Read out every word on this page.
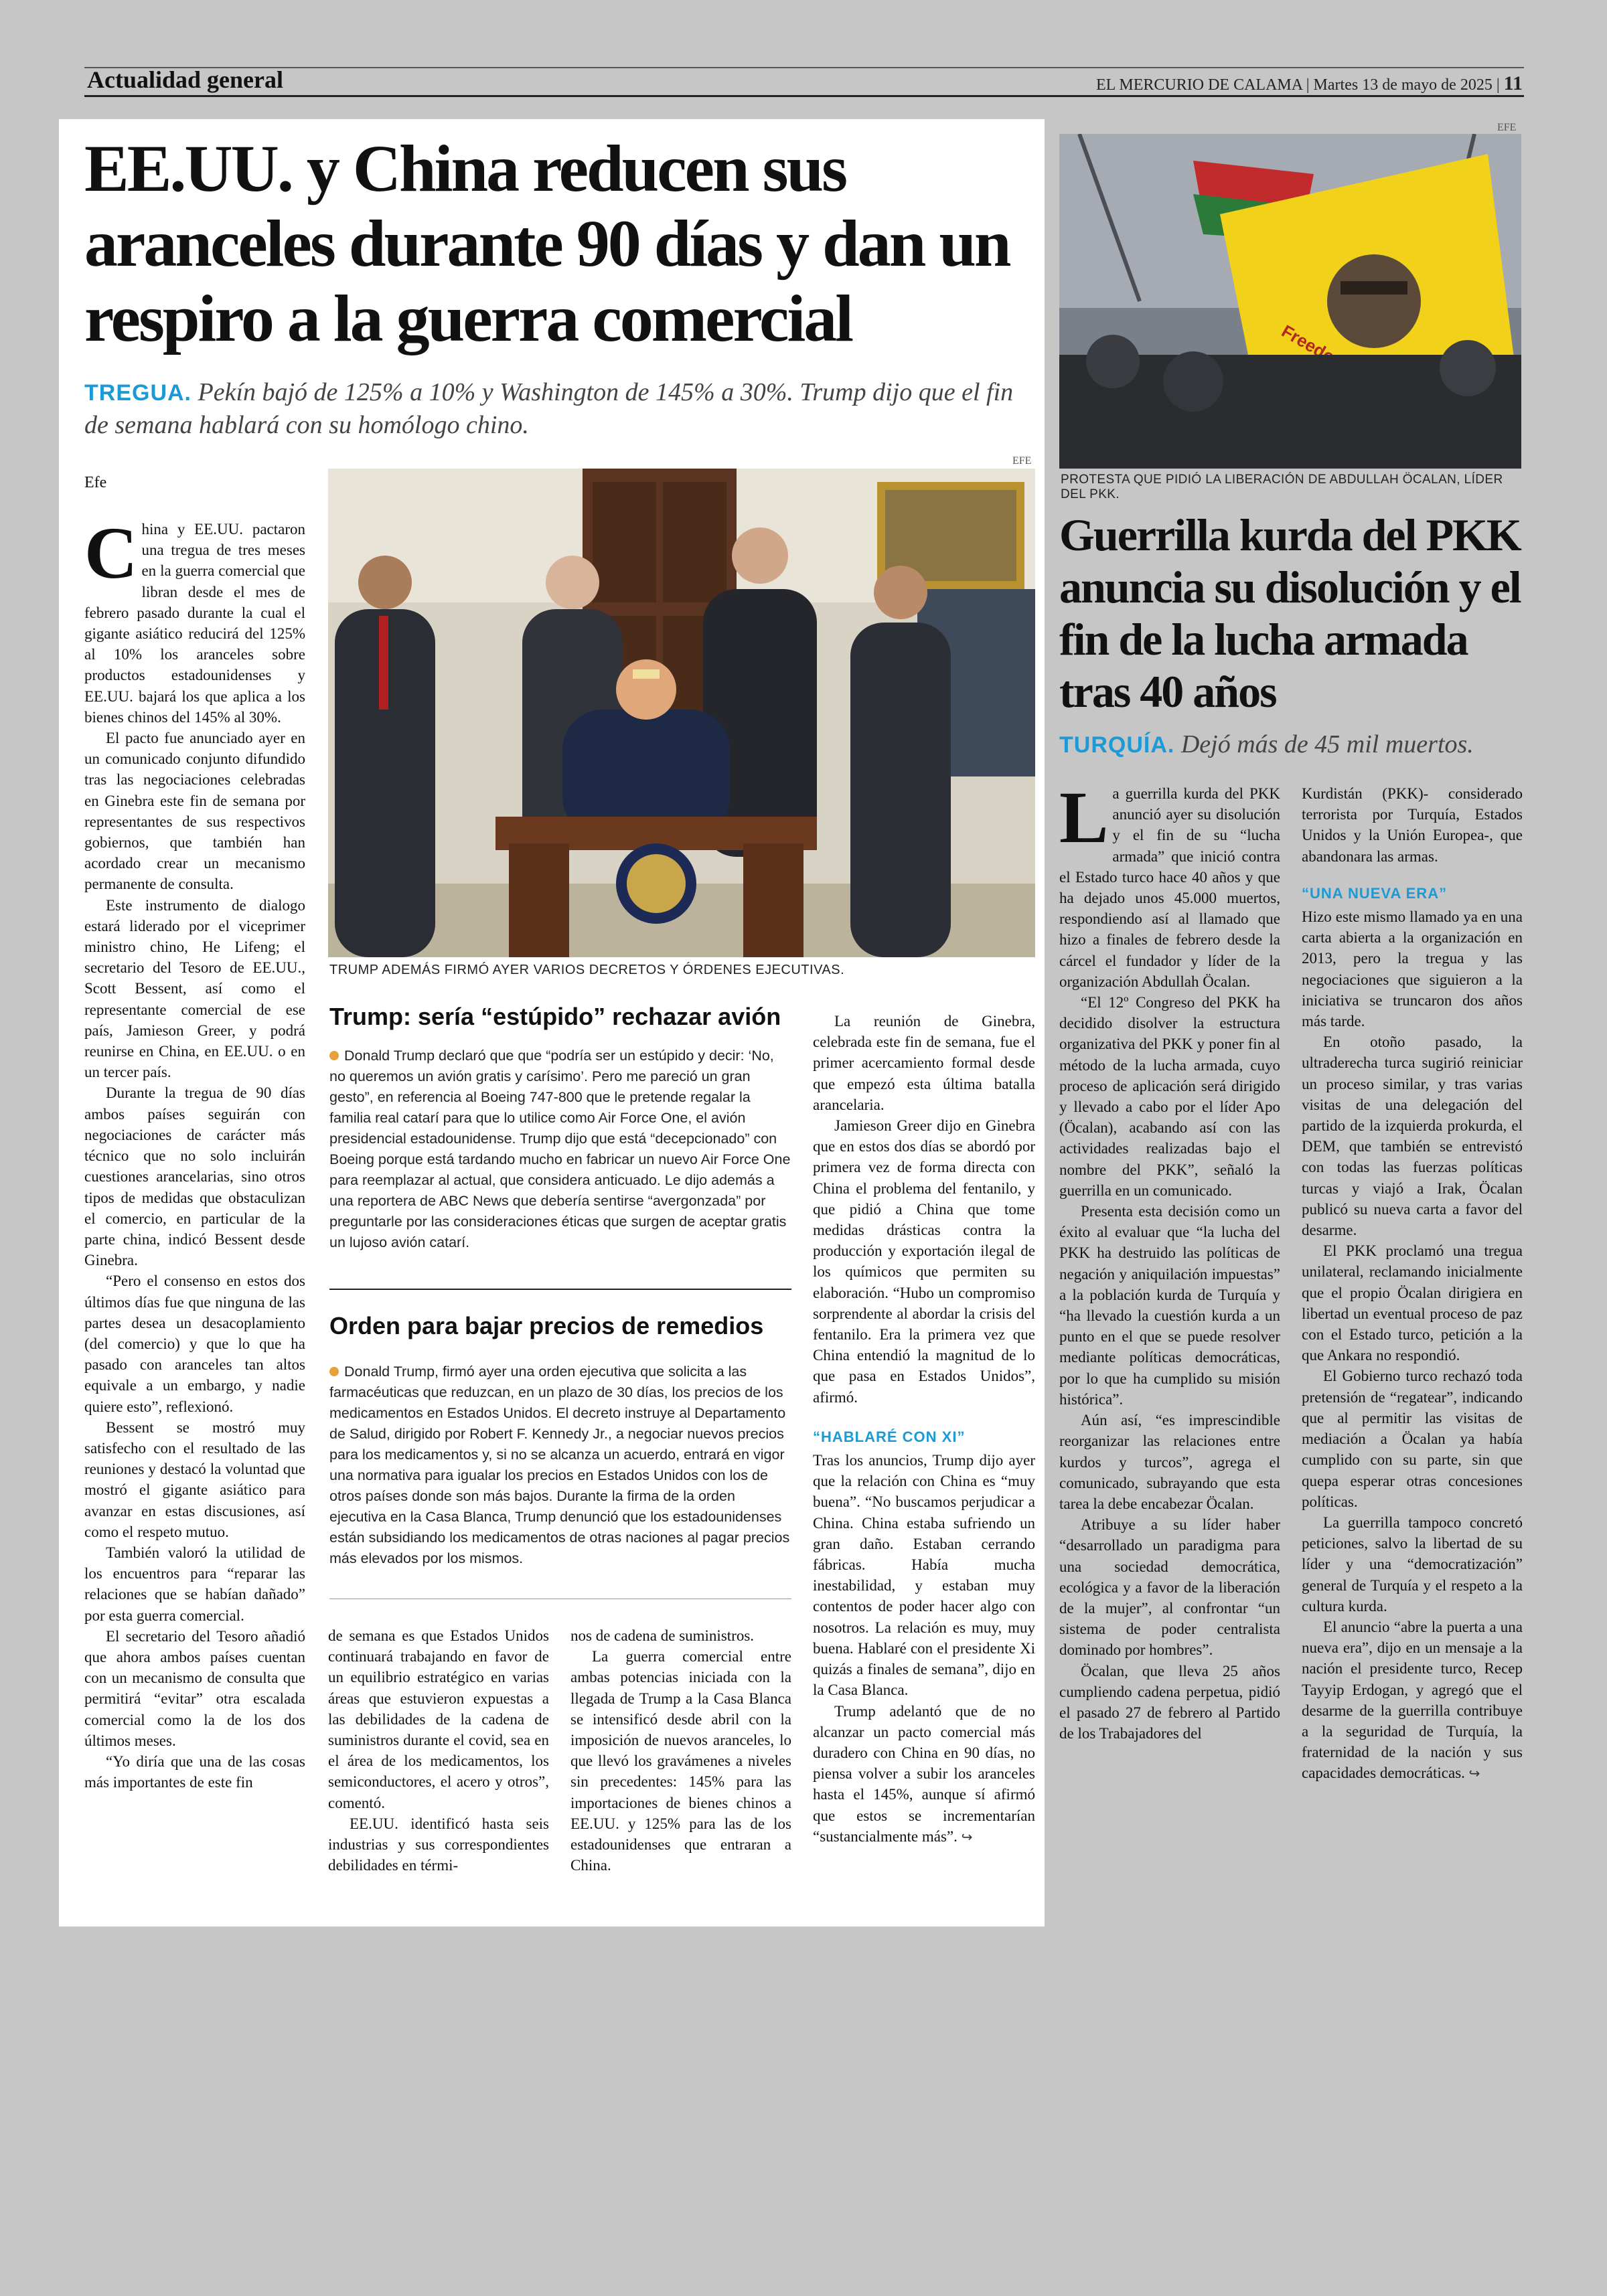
Actualidad general	EL MERCURIO DE CALAMA | Martes 13 de mayo de 2025 | 11
EE.UU. y China reducen sus aranceles durante 90 días y dan un respiro a la guerra comercial
TREGUA. Pekín bajó de 125% a 10% y Washington de 145% a 30%. Trump dijo que el fin de semana hablará con su homólogo chino.
Efe

China y EE.UU. pactaron una tregua de tres meses en la guerra comercial que libran desde el mes de febrero pasado durante la cual el gigante asiático reducirá del 125% al 10% los aranceles sobre productos estadounidenses y EE.UU. bajará los que aplica a los bienes chinos del 145% al 30%.

El pacto fue anunciado ayer en un comunicado conjunto difundido tras las negociaciones celebradas en Ginebra este fin de semana por representantes de sus respectivos gobiernos, que también han acordado crear un mecanismo permanente de consulta.

Este instrumento de dialogo estará liderado por el viceprimer ministro chino, He Lifeng; el secretario del Tesoro de EE.UU., Scott Bessent, así como el representante comercial de ese país, Jamieson Greer, y podrá reunirse en China, en EE.UU. o en un tercer país.

Durante la tregua de 90 días ambos países seguirán con negociaciones de carácter más técnico que no solo incluirán cuestiones arancelarias, sino otros tipos de medidas que obstaculizan el comercio, en particular de la parte china, indicó Bessent desde Ginebra.

“Pero el consenso en estos dos últimos días fue que ninguna de las partes desea un desacoplamiento (del comercio) y que lo que ha pasado con aranceles tan altos equivale a un embargo, y nadie quiere esto”, reflexionó.

Bessent se mostró muy satisfecho con el resultado de las reuniones y destacó la voluntad que mostró el gigante asiático para avanzar en estas discusiones, así como el respeto mutuo.

También valoró la utilidad de los encuentros para “reparar las relaciones que se habían dañado” por esta guerra comercial.

El secretario del Tesoro añadió que ahora ambos países cuentan con un mecanismo de consulta que permitirá “evitar” otra escalada comercial como la de los dos últimos meses.

“Yo diría que una de las cosas más importantes de este fin

EFE
TRUMP ADEMÁS FIRMÓ AYER VARIOS DECRETOS Y ÓRDENES EJECUTIVAS.
Trump: sería “estúpido” rechazar avión
Donald Trump declaró que que “podría ser un estúpido y decir: ‘No, no queremos un avión gratis y carísimo’. Pero me pareció un gran gesto”, en referencia al Boeing 747-800 que le pretende regalar la familia real catarí para que lo utilice como Air Force One, el avión presidencial estadounidense. Trump dijo que está “decepcionado” con Boeing porque está tardando mucho en fabricar un nuevo Air Force One para reemplazar al actual, que considera anticuado. Le dijo además a una reportera de ABC News que debería sentirse “avergonzada” por preguntarle por las consideraciones éticas que surgen de aceptar gratis un lujoso avión catarí.
Orden para bajar precios de remedios
Donald Trump, firmó ayer una orden ejecutiva que solicita a las farmacéuticas que reduzcan, en un plazo de 30 días, los precios de los medicamentos en Estados Unidos. El decreto instruye al Departamento de Salud, dirigido por Robert F. Kennedy Jr., a negociar nuevos precios para los medicamentos y, si no se alcanza un acuerdo, entrará en vigor una normativa para igualar los precios en Estados Unidos con los de otros países donde son más bajos. Durante la firma de la orden ejecutiva en la Casa Blanca, Trump denunció que los estadounidenses están subsidiando los medicamentos de otras naciones al pagar precios más elevados por los mismos.

La reunión de Ginebra, celebrada este fin de semana, fue el primer acercamiento formal desde que empezó esta última batalla arancelaria.

Jamieson Greer dijo en Ginebra que en estos dos días se abordó por primera vez de forma directa con China el problema del fentanilo, y que pidió a China que tome medidas drásticas contra la producción y exportación ilegal de los químicos que permiten su elaboración. “Hubo un compromiso sorprendente al abordar la crisis del fentanilo. Era la primera vez que China entendió la magnitud de lo que pasa en Estados Unidos”, afirmó.

“HABLARÉ CON XI”

Tras los anuncios, Trump dijo ayer que la relación con China es “muy buena”. “No buscamos perjudicar a China. China estaba sufriendo un gran daño. Estaban cerrando fábricas. Había mucha inestabilidad, y estaban muy contentos de poder hacer algo con nosotros. La relación es muy, muy buena. Hablaré con el presidente Xi quizás a finales de semana”, dijo en la Casa Blanca.

Trump adelantó que de no alcanzar un pacto comercial más duradero con China en 90 días, no piensa volver a subir los aranceles hasta el 145%, aunque sí afirmó que estos se incrementarían “sustancialmente más”. ↪

de semana es que Estados Unidos continuará trabajando en favor de un equilibrio estratégico en varias áreas que estuvieron expuestas a las debilidades de la cadena de suministros durante el covid, sea en el área de los medicamentos, los semiconductores, el acero y otros”, comentó.

EE.UU. identificó hasta seis industrias y sus correspondientes debilidades en térmi-

nos de cadena de suministros.

La guerra comercial entre ambas potencias iniciada con la llegada de Trump a la Casa Blanca se intensificó desde abril con la imposición de nuevos aranceles, lo que llevó los gravámenes a niveles sin precedentes: 145% para las importaciones de bienes chinos a EE.UU. y 125% para las de los estadounidenses que entraran a China.

EFE
PROTESTA QUE PIDIÓ LA LIBERACIÓN DE ABDULLAH ÖCALAN, LÍDER DEL PKK.
Guerrilla kurda del PKK anuncia su disolución y el fin de la lucha armada tras 40 años
TURQUÍA. Dejó más de 45 mil muertos.

La guerrilla kurda del PKK anunció ayer su disolución y el fin de su “lucha armada” que inició contra el Estado turco hace 40 años y que ha dejado unos 45.000 muertos, respondiendo así al llamado que hizo a finales de febrero desde la cárcel el fundador y líder de la organización Abdullah Öcalan.

“El 12º Congreso del PKK ha decidido disolver la estructura organizativa del PKK y poner fin al método de la lucha armada, cuyo proceso de aplicación será dirigido y llevado a cabo por el líder Apo (Öcalan), acabando así con las actividades realizadas bajo el nombre del PKK”, señaló la guerrilla en un comunicado.

Presenta esta decisión como un éxito al evaluar que “la lucha del PKK ha destruido las políticas de negación y aniquilación impuestas” a la población kurda de Turquía y “ha llevado la cuestión kurda a un punto en el que se puede resolver mediante políticas democráticas, por lo que ha cumplido su misión histórica”.

Aún así, “es imprescindible reorganizar las relaciones entre kurdos y turcos”, agrega el comunicado, subrayando que esta tarea la debe encabezar Öcalan.

Atribuye a su líder haber “desarrollado un paradigma para una sociedad democrática, ecológica y a favor de la liberación de la mujer”, al confrontar “un sistema de poder centralista dominado por hombres”.

Öcalan, que lleva 25 años cumpliendo cadena perpetua, pidió el pasado 27 de febrero al Partido de los Trabajadores del

Kurdistán (PKK)- considerado terrorista por Turquía, Estados Unidos y la Unión Europea-, que abandonara las armas.

“UNA NUEVA ERA”

Hizo este mismo llamado ya en una carta abierta a la organización en 2013, pero la tregua y las negociaciones que siguieron a la iniciativa se truncaron dos años más tarde.

En otoño pasado, la ultraderecha turca sugirió reiniciar un proceso similar, y tras varias visitas de una delegación del partido de la izquierda prokurda, el DEM, que también se entrevistó con todas las fuerzas políticas turcas y viajó a Irak, Öcalan publicó su nueva carta a favor del desarme.

El PKK proclamó una tregua unilateral, reclamando inicialmente que el propio Öcalan dirigiera en libertad un eventual proceso de paz con el Estado turco, petición a la que Ankara no respondió.

El Gobierno turco rechazó toda pretensión de “regatear”, indicando que al permitir las visitas de mediación a Öcalan ya había cumplido con su parte, sin que quepa esperar otras concesiones políticas.

La guerrilla tampoco concretó peticiones, salvo la libertad de su líder y una “democratización” general de Turquía y el respeto a la cultura kurda.

El anuncio “abre la puerta a una nueva era”, dijo en un mensaje a la nación el presidente turco, Recep Tayyip Erdogan, y agregó que el desarme de la guerrilla contribuye a la seguridad de Turquía, la fraternidad de la nación y sus capacidades democráticas. ↪
